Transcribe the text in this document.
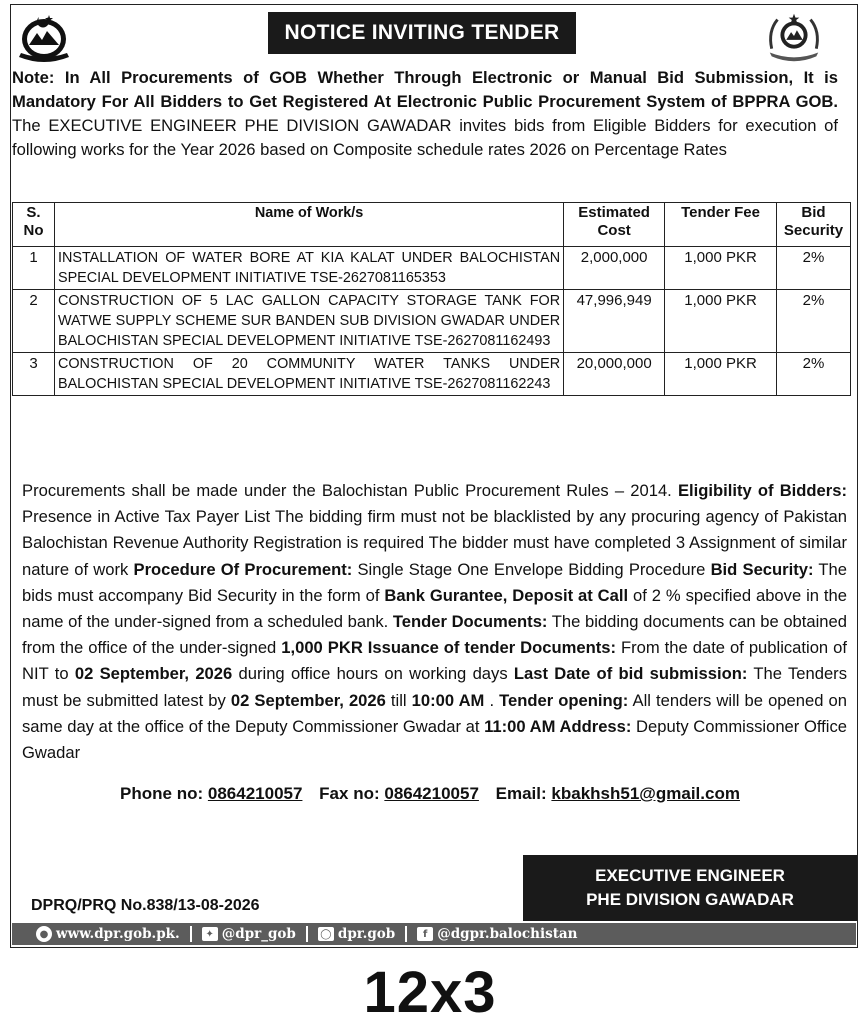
NOTICE INVITING TENDER

Note: In All Procurements of GOB Whether Through Electronic or Manual Bid Submission, It is Mandatory For All Bidders to Get Registered At Electronic Public Procurement System of BPPRA GOB. The EXECUTIVE ENGINEER PHE DIVISION GAWADAR invites bids from Eligible Bidders for execution of following works for the Year 2026 based on Composite schedule rates 2026 on Percentage Rates

S. No	Name of Work/s	Estimated Cost	Tender Fee	Bid Security
1	INSTALLATION OF WATER BORE AT KIA KALAT UNDER BALOCHISTAN SPECIAL DEVELOPMENT INITIATIVE TSE-2627081165353	2,000,000	1,000 PKR	2%
2	CONSTRUCTION OF 5 LAC GALLON CAPACITY STORAGE TANK FOR WATWE SUPPLY SCHEME SUR BANDEN SUB DIVISION GWADAR UNDER BALOCHISTAN SPECIAL DEVELOPMENT INITIATIVE TSE-2627081162493	47,996,949	1,000 PKR	2%
3	CONSTRUCTION OF 20 COMMUNITY WATER TANKS UNDER BALOCHISTAN SPECIAL DEVELOPMENT INITIATIVE TSE-2627081162243	20,000,000	1,000 PKR	2%

Procurements shall be made under the Balochistan Public Procurement Rules – 2014. Eligibility of Bidders: Presence in Active Tax Payer List The bidding firm must not be blacklisted by any procuring agency of Pakistan Balochistan Revenue Authority Registration is required The bidder must have completed 3 Assignment of similar nature of work Procedure Of Procurement: Single Stage One Envelope Bidding Procedure Bid Security: The bids must accompany Bid Security in the form of Bank Gurantee, Deposit at Call of 2 % specified above in the name of the under-signed from a scheduled bank. Tender Documents: The bidding documents can be obtained from the office of the under-signed 1,000 PKR Issuance of tender Documents: From the date of publication of NIT to 02 September, 2026 during office hours on working days Last Date of bid submission: The Tenders must be submitted latest by 02 September, 2026 till 10:00 AM . Tender opening: All tenders will be opened on same day at the office of the Deputy Commissioner Gwadar at 11:00 AM Address: Deputy Commissioner Office Gwadar

Phone no: 0864210057 Fax no: 0864210057 Email: kbakhsh51@gmail.com
EXECUTIVE ENGINEER
PHE DIVISION GAWADAR
DPRQ/PRQ No.838/13-08-2026
● www.dpr.gob.pk.	✦ @dpr_gob ◯ dpr.gob	f @dgpr.balochistan
12x3
